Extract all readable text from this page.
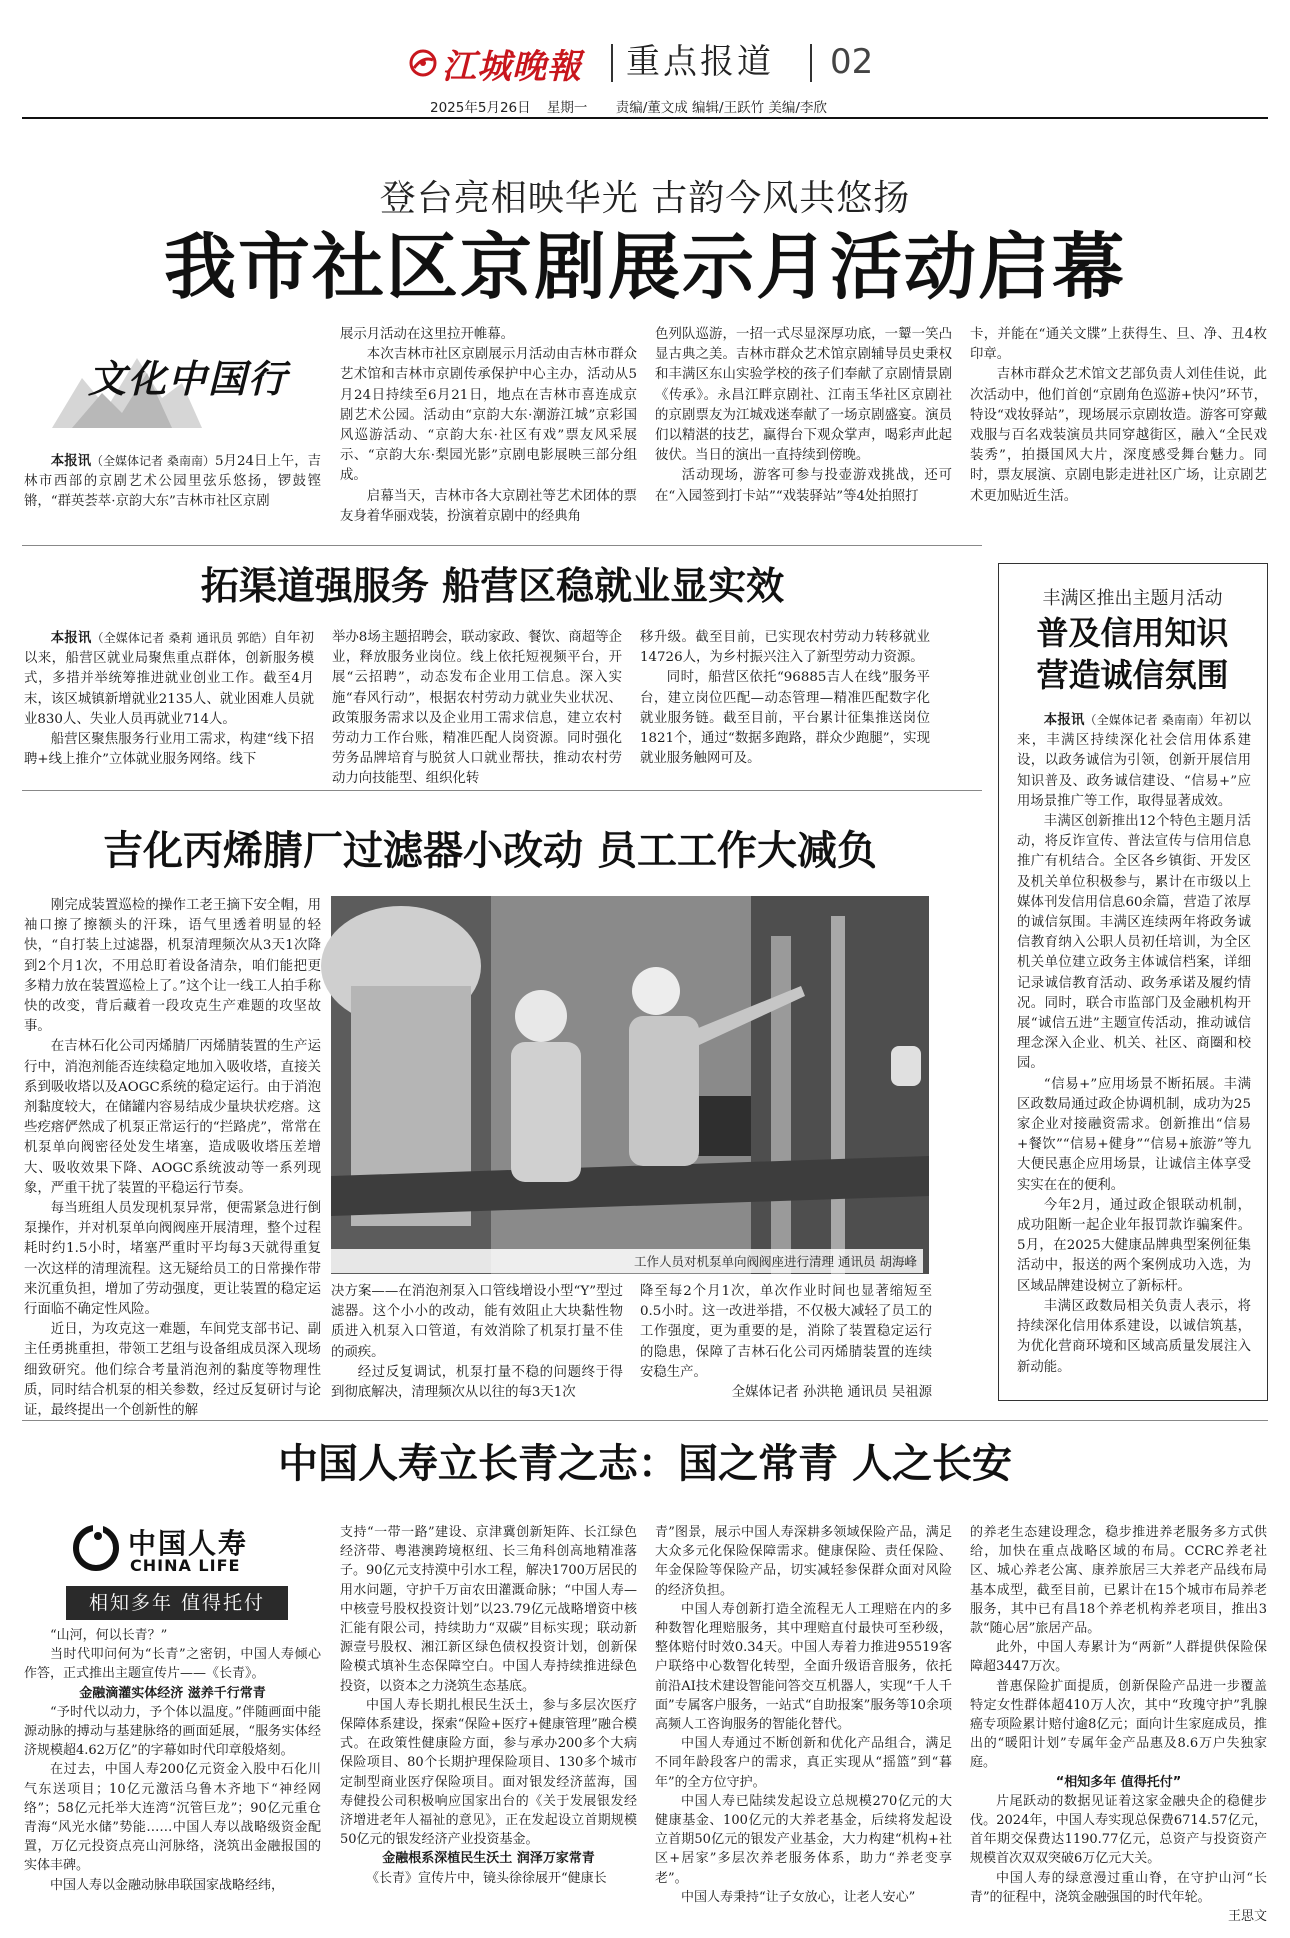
江城晚報 重点报道 02
2025年5月26日 星期一 责编/董文成 编辑/王跃竹 美编/李欣
登台亮相映华光 古韵今风共悠扬
我市社区京剧展示月活动启幕
文化中国行

本报讯（全媒体记者 桑南南）5月24日上午，吉林市西部的京剧艺术公园里弦乐悠扬，锣鼓铿锵，“群英荟萃·京韵大东”吉林市社区京剧

展示月活动在这里拉开帷幕。

本次吉林市社区京剧展示月活动由吉林市群众艺术馆和吉林市京剧传承保护中心主办，活动从5月24日持续至6月21日，地点在吉林市喜连成京剧艺术公园。活动由“京韵大东·潮游江城”京彩国风巡游活动、“京韵大东·社区有戏”票友风采展示、“京韵大东·梨园光影”京剧电影展映三部分组成。

启幕当天，吉林市各大京剧社等艺术团体的票友身着华丽戏装，扮演着京剧中的经典角

色列队巡游，一招一式尽显深厚功底，一颦一笑凸显古典之美。吉林市群众艺术馆京剧辅导员史秉权和丰满区东山实验学校的孩子们奉献了京剧情景剧《传承》。永昌江畔京剧社、江南玉华社区京剧社的京剧票友为江城戏迷奉献了一场京剧盛宴。演员们以精湛的技艺，赢得台下观众掌声，喝彩声此起彼伏。当日的演出一直持续到傍晚。

活动现场，游客可参与投壶游戏挑战，还可在“入园签到打卡站”“戏装驿站”等4处拍照打

卡，并能在“通关文牒”上获得生、旦、净、丑4枚印章。

吉林市群众艺术馆文艺部负责人刘佳佳说，此次活动中，他们首创“京剧角色巡游+快闪”环节，特设“戏妆驿站”，现场展示京剧妆造。游客可穿戴戏服与百名戏装演员共同穿越街区，融入“全民戏装秀”，拍摄国风大片，深度感受舞台魅力。同时，票友展演、京剧电影走进社区广场，让京剧艺术更加贴近生活。

拓渠道强服务 船营区稳就业显实效

本报讯（全媒体记者 桑莉 通讯员 郭皓）自年初以来，船营区就业局聚焦重点群体，创新服务模式，多措并举统筹推进就业创业工作。截至4月末，该区城镇新增就业2135人、就业困难人员就业830人、失业人员再就业714人。

船营区聚焦服务行业用工需求，构建“线下招聘+线上推介”立体就业服务网络。线下

举办8场主题招聘会，联动家政、餐饮、商超等企业，释放服务业岗位。线上依托短视频平台，开展“云招聘”，动态发布企业用工信息。深入实施“春风行动”，根据农村劳动力就业失业状况、政策服务需求以及企业用工需求信息，建立农村劳动力工作台账，精准匹配人岗资源。同时强化劳务品牌培育与脱贫人口就业帮扶，推动农村劳动力向技能型、组织化转

移升级。截至目前，已实现农村劳动力转移就业14726人，为乡村振兴注入了新型劳动力资源。

同时，船营区依托“96885吉人在线”服务平台，建立岗位匹配—动态管理—精准匹配数字化就业服务链。截至目前，平台累计征集推送岗位1821个，通过“数据多跑路，群众少跑腿”，实现就业服务触网可及。

丰满区推出主题月活动
普及信用知识
营造诚信氛围

本报讯（全媒体记者 桑南南）年初以来，丰满区持续深化社会信用体系建设，以政务诚信为引领，创新开展信用知识普及、政务诚信建设、“信易+”应用场景推广等工作，取得显著成效。

丰满区创新推出12个特色主题月活动，将反诈宣传、普法宣传与信用信息推广有机结合。全区各乡镇街、开发区及机关单位积极参与，累计在市级以上媒体刊发信用信息60余篇，营造了浓厚的诚信氛围。丰满区连续两年将政务诚信教育纳入公职人员初任培训，为全区机关单位建立政务主体诚信档案，详细记录诚信教育活动、政务承诺及履约情况。同时，联合市监部门及金融机构开展“诚信五进”主题宣传活动，推动诚信理念深入企业、机关、社区、商圈和校园。

“信易+”应用场景不断拓展。丰满区政数局通过政企协调机制，成功为25家企业对接融资需求。创新推出“信易+餐饮”“信易+健身”“信易+旅游”等九大便民惠企应用场景，让诚信主体享受实实在在的便利。

今年2月，通过政企银联动机制，成功阻断一起企业年报罚款诈骗案件。5月，在2025大健康品牌典型案例征集活动中，报送的两个案例成功入选，为区域品牌建设树立了新标杆。

丰满区政数局相关负责人表示，将持续深化信用体系建设，以诚信筑基，为优化营商环境和区域高质量发展注入新动能。

吉化丙烯腈厂过滤器小改动 员工工作大减负

刚完成装置巡检的操作工老王摘下安全帽，用袖口擦了擦额头的汗珠，语气里透着明显的轻快，“自打装上过滤器，机泵清理频次从3天1次降到2个月1次，不用总盯着设备清杂，咱们能把更多精力放在装置巡检上了。”这个让一线工人拍手称快的改变，背后藏着一段攻克生产难题的攻坚故事。

在吉林石化公司丙烯腈厂丙烯腈装置的生产运行中，消泡剂能否连续稳定地加入吸收塔，直接关系到吸收塔以及AOGC系统的稳定运行。由于消泡剂黏度较大，在储罐内容易结成少量块状疙瘩。这些疙瘩俨然成了机泵正常运行的“拦路虎”，常常在机泵单向阀密径处发生堵塞，造成吸收塔压差增大、吸收效果下降、AOGC系统波动等一系列现象，严重干扰了装置的平稳运行节奏。

每当班组人员发现机泵异常，便需紧急进行倒泵操作，并对机泵单向阀阀座开展清理，整个过程耗时约1.5小时，堵塞严重时平均每3天就得重复一次这样的清理流程。这无疑给员工的日常操作带来沉重负担，增加了劳动强度，更让装置的稳定运行面临不确定性风险。

近日，为攻克这一难题，车间党支部书记、副主任勇挑重担，带领工艺组与设备组成员深入现场细致研究。他们综合考量消泡剂的黏度等物理性质，同时结合机泵的相关参数，经过反复研讨与论证，最终提出一个创新性的解

工作人员对机泵单向阀阀座进行清理 通讯员 胡海峰

决方案——在消泡剂泵入口管线增设小型“Y”型过滤器。这个小小的改动，能有效阻止大块黏性物质进入机泵入口管道，有效消除了机泵打量不佳的顽疾。

经过反复调试，机泵打量不稳的问题终于得到彻底解决，清理频次从以往的每3天1次

降至每2个月1次，单次作业时间也显著缩短至0.5小时。这一改进举措，不仅极大减轻了员工的工作强度，更为重要的是，消除了装置稳定运行的隐患，保障了吉林石化公司丙烯腈装置的连续安稳生产。

全媒体记者 孙洪艳 通讯员 吴祖源

中国人寿立长青之志：国之常青 人之长安
中国人寿
CHINA LIFE
相知多年 值得托付

“山河，何以长青？”

当时代叩问何为“长青”之密钥，中国人寿倾心作答，正式推出主题宣传片——《长青》。

金融滴灌实体经济 滋养千行常青

“予时代以动力，予个体以温度。”伴随画面中能源动脉的搏动与基建脉络的画面延展，“服务实体经济规模超4.62万亿”的字幕如时代印章般烙刻。

在过去，中国人寿200亿元资金入股中石化川气东送项目；10亿元激活乌鲁木齐地下“神经网络”；58亿元托举大连湾“沉管巨龙”；90亿元重仓青海“风光水储”势能……中国人寿以战略级资金配置，万亿元投资点亮山河脉络，浇筑出金融报国的实体丰碑。

中国人寿以金融动脉串联国家战略经纬，

支持“一带一路”建设、京津冀创新矩阵、长江绿色经济带、粤港澳跨境枢纽、长三角科创高地精准落子。90亿元支持漠中引水工程，解决1700万居民的用水问题，守护千万亩农田灌溉命脉；“中国人寿—中核壹号股权投资计划”以23.79亿元战略增资中核汇能有限公司，持续助力“双碳”目标实现；联动新源壹号股权、湘江新区绿色债权投资计划，创新保险模式填补生态保障空白。中国人寿持续推进绿色投资，以资本之力浇筑生态基底。

中国人寿长期扎根民生沃土，参与多层次医疗保障体系建设，探索“保险+医疗+健康管理”融合模式。在政策性健康险方面，参与承办200多个大病保险项目、80个长期护理保险项目、130多个城市定制型商业医疗保险项目。面对银发经济蓝海，国寿健投公司积极响应国家出台的《关于发展银发经济增进老年人福祉的意见》，正在发起设立首期规模50亿元的银发经济产业投资基金。

金融根系深植民生沃土 润泽万家常青

《长青》宣传片中，镜头徐徐展开“健康长

青”图景，展示中国人寿深耕多领域保险产品，满足大众多元化保险保障需求。健康保险、责任保险、年金保险等保险产品，切实减轻参保群众面对风险的经济负担。

中国人寿创新打造全流程无人工理赔在内的多种数智化理赔服务，其中理赔直付最快可至秒级，整体赔付时效0.34天。中国人寿着力推进95519客户联络中心数智化转型，全面升级语音服务，依托前沿AI技术建设智能问答交互机器人，实现“千人千面”专属客户服务，一站式“自助报案”服务等10余项高频人工咨询服务的智能化替代。

中国人寿通过不断创新和优化产品组合，满足不同年龄段客户的需求，真正实现从“摇篮”到“暮年”的全方位守护。

中国人寿已陆续发起设立总规模270亿元的大健康基金、100亿元的大养老基金，后续将发起设立首期50亿元的银发产业基金，大力构建“机构+社区+居家”多层次养老服务体系，助力“养老变享老”。

中国人寿秉持“让子女放心，让老人安心”

的养老生态建设理念，稳步推进养老服务多方式供给，加快在重点战略区域的布局。CCRC养老社区、城心养老公寓、康养旅居三大养老产品线布局基本成型，截至目前，已累计在15个城市布局养老服务，其中已有昌18个养老机构养老项目，推出3款“随心居”旅居产品。

此外，中国人寿累计为“两新”人群提供保险保障超3447万次。

普惠保险扩面提质，创新保险产品进一步覆盖特定女性群体超410万人次，其中“玫瑰守护”乳腺癌专项险累计赔付逾8亿元；面向计生家庭成员，推出的“暖阳计划”专属年金产品惠及8.6万户失独家庭。

“相知多年 值得托付”

片尾跃动的数据见证着这家金融央企的稳健步伐。2024年，中国人寿实现总保费6714.57亿元，首年期交保费达1190.77亿元，总资产与投资资产规模首次双双突破6万亿元大关。

中国人寿的绿意漫过重山脊，在守护山河“长青”的征程中，浇筑金融强国的时代年轮。

王思文
